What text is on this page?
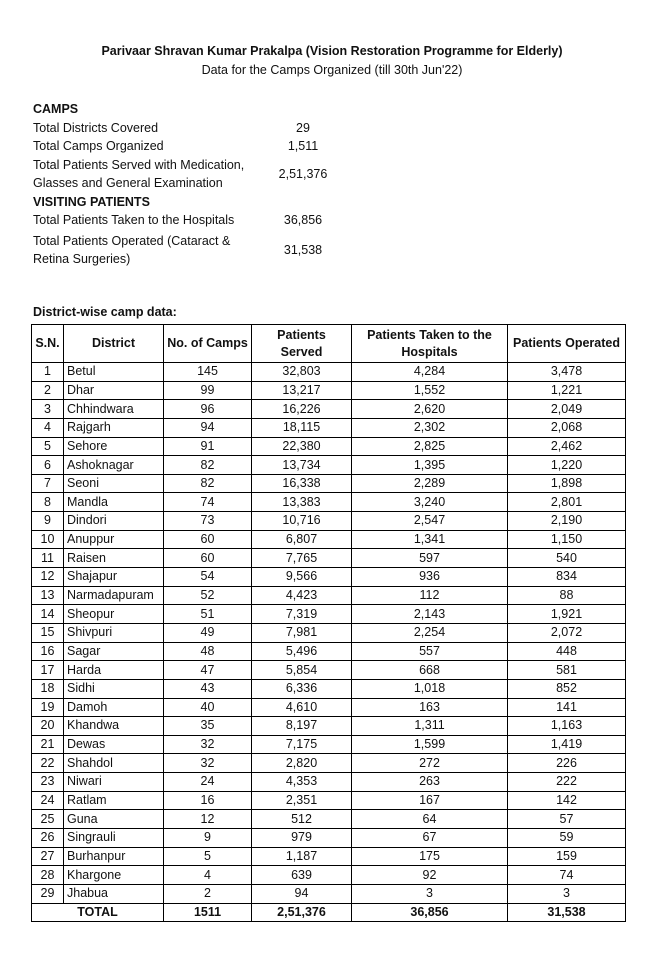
Parivaar Shravan Kumar Prakalpa (Vision Restoration Programme for Elderly)
Data for the Camps Organized (till 30th Jun'22)
CAMPS
Total Districts Covered	29
Total Camps Organized	1,511
Total Patients Served with Medication, Glasses and General Examination
2,51,376
VISITING PATIENTS
Total Patients Taken to the Hospitals	36,856
Total Patients Operated (Cataract & Retina Surgeries)
31,538
District-wise camp data:
S.N.	District	No. of Camps	Patients Served	Patients Taken to the Hospitals	Patients Operated
1	Betul	145	32,803	4,284	3,478
2	Dhar	99	13,217	1,552	1,221
3	Chhindwara	96	16,226	2,620	2,049
4	Rajgarh	94	18,115	2,302	2,068
5	Sehore	91	22,380	2,825	2,462
6	Ashoknagar	82	13,734	1,395	1,220
7	Seoni	82	16,338	2,289	1,898
8	Mandla	74	13,383	3,240	2,801
9	Dindori	73	10,716	2,547	2,190
10	Anuppur	60	6,807	1,341	1,150
11	Raisen	60	7,765	597	540
12	Shajapur	54	9,566	936	834
13	Narmadapuram	52	4,423	112	88
14	Sheopur	51	7,319	2,143	1,921
15	Shivpuri	49	7,981	2,254	2,072
16	Sagar	48	5,496	557	448
17	Harda	47	5,854	668	581
18	Sidhi	43	6,336	1,018	852
19	Damoh	40	4,610	163	141
20	Khandwa	35	8,197	1,311	1,163
21	Dewas	32	7,175	1,599	1,419
22	Shahdol	32	2,820	272	226
23	Niwari	24	4,353	263	222
24	Ratlam	16	2,351	167	142
25	Guna	12	512	64	57
26	Singrauli	9	979	67	59
27	Burhanpur	5	1,187	175	159
28	Khargone	4	639	92	74
29	Jhabua	2	94	3	3
TOTAL		1511	2,51,376	36,856	31,538
